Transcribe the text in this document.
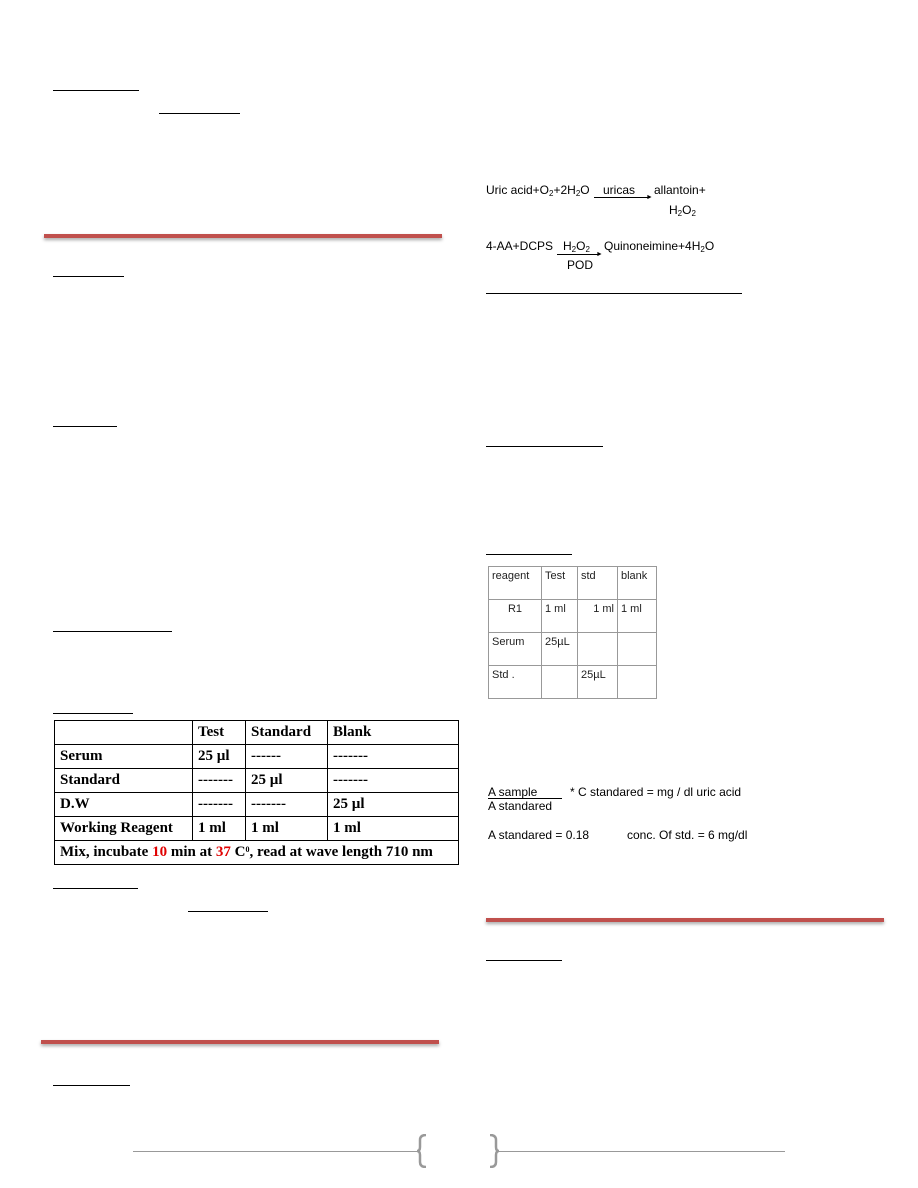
	Test	Standard	Blank
Serum	25 µl	------	-------
Standard	-------	25 µl	-------
D.W	-------	-------	25 µl
Working Reagent	1 ml	1 ml	1 ml
Mix, incubate 10 min at 37 $C^0$, read at wave length 710 nm			
Uric $acid+O_2+2H_2O$ uricas
►
allantoin+
$H_2O_2$
4-AA+DCPS $H_2O_2$
►
$Quinoneimine+4H_2O$
POD
reagent	Test	std	blank
R1	1 ml	1 ml	1 ml
Serum	25µL		
Std .		25µL	
A sample	* C standared = mg / dl uric acid
A standared
A standared = 0.18	conc. Of std. = 6 mg/dl
